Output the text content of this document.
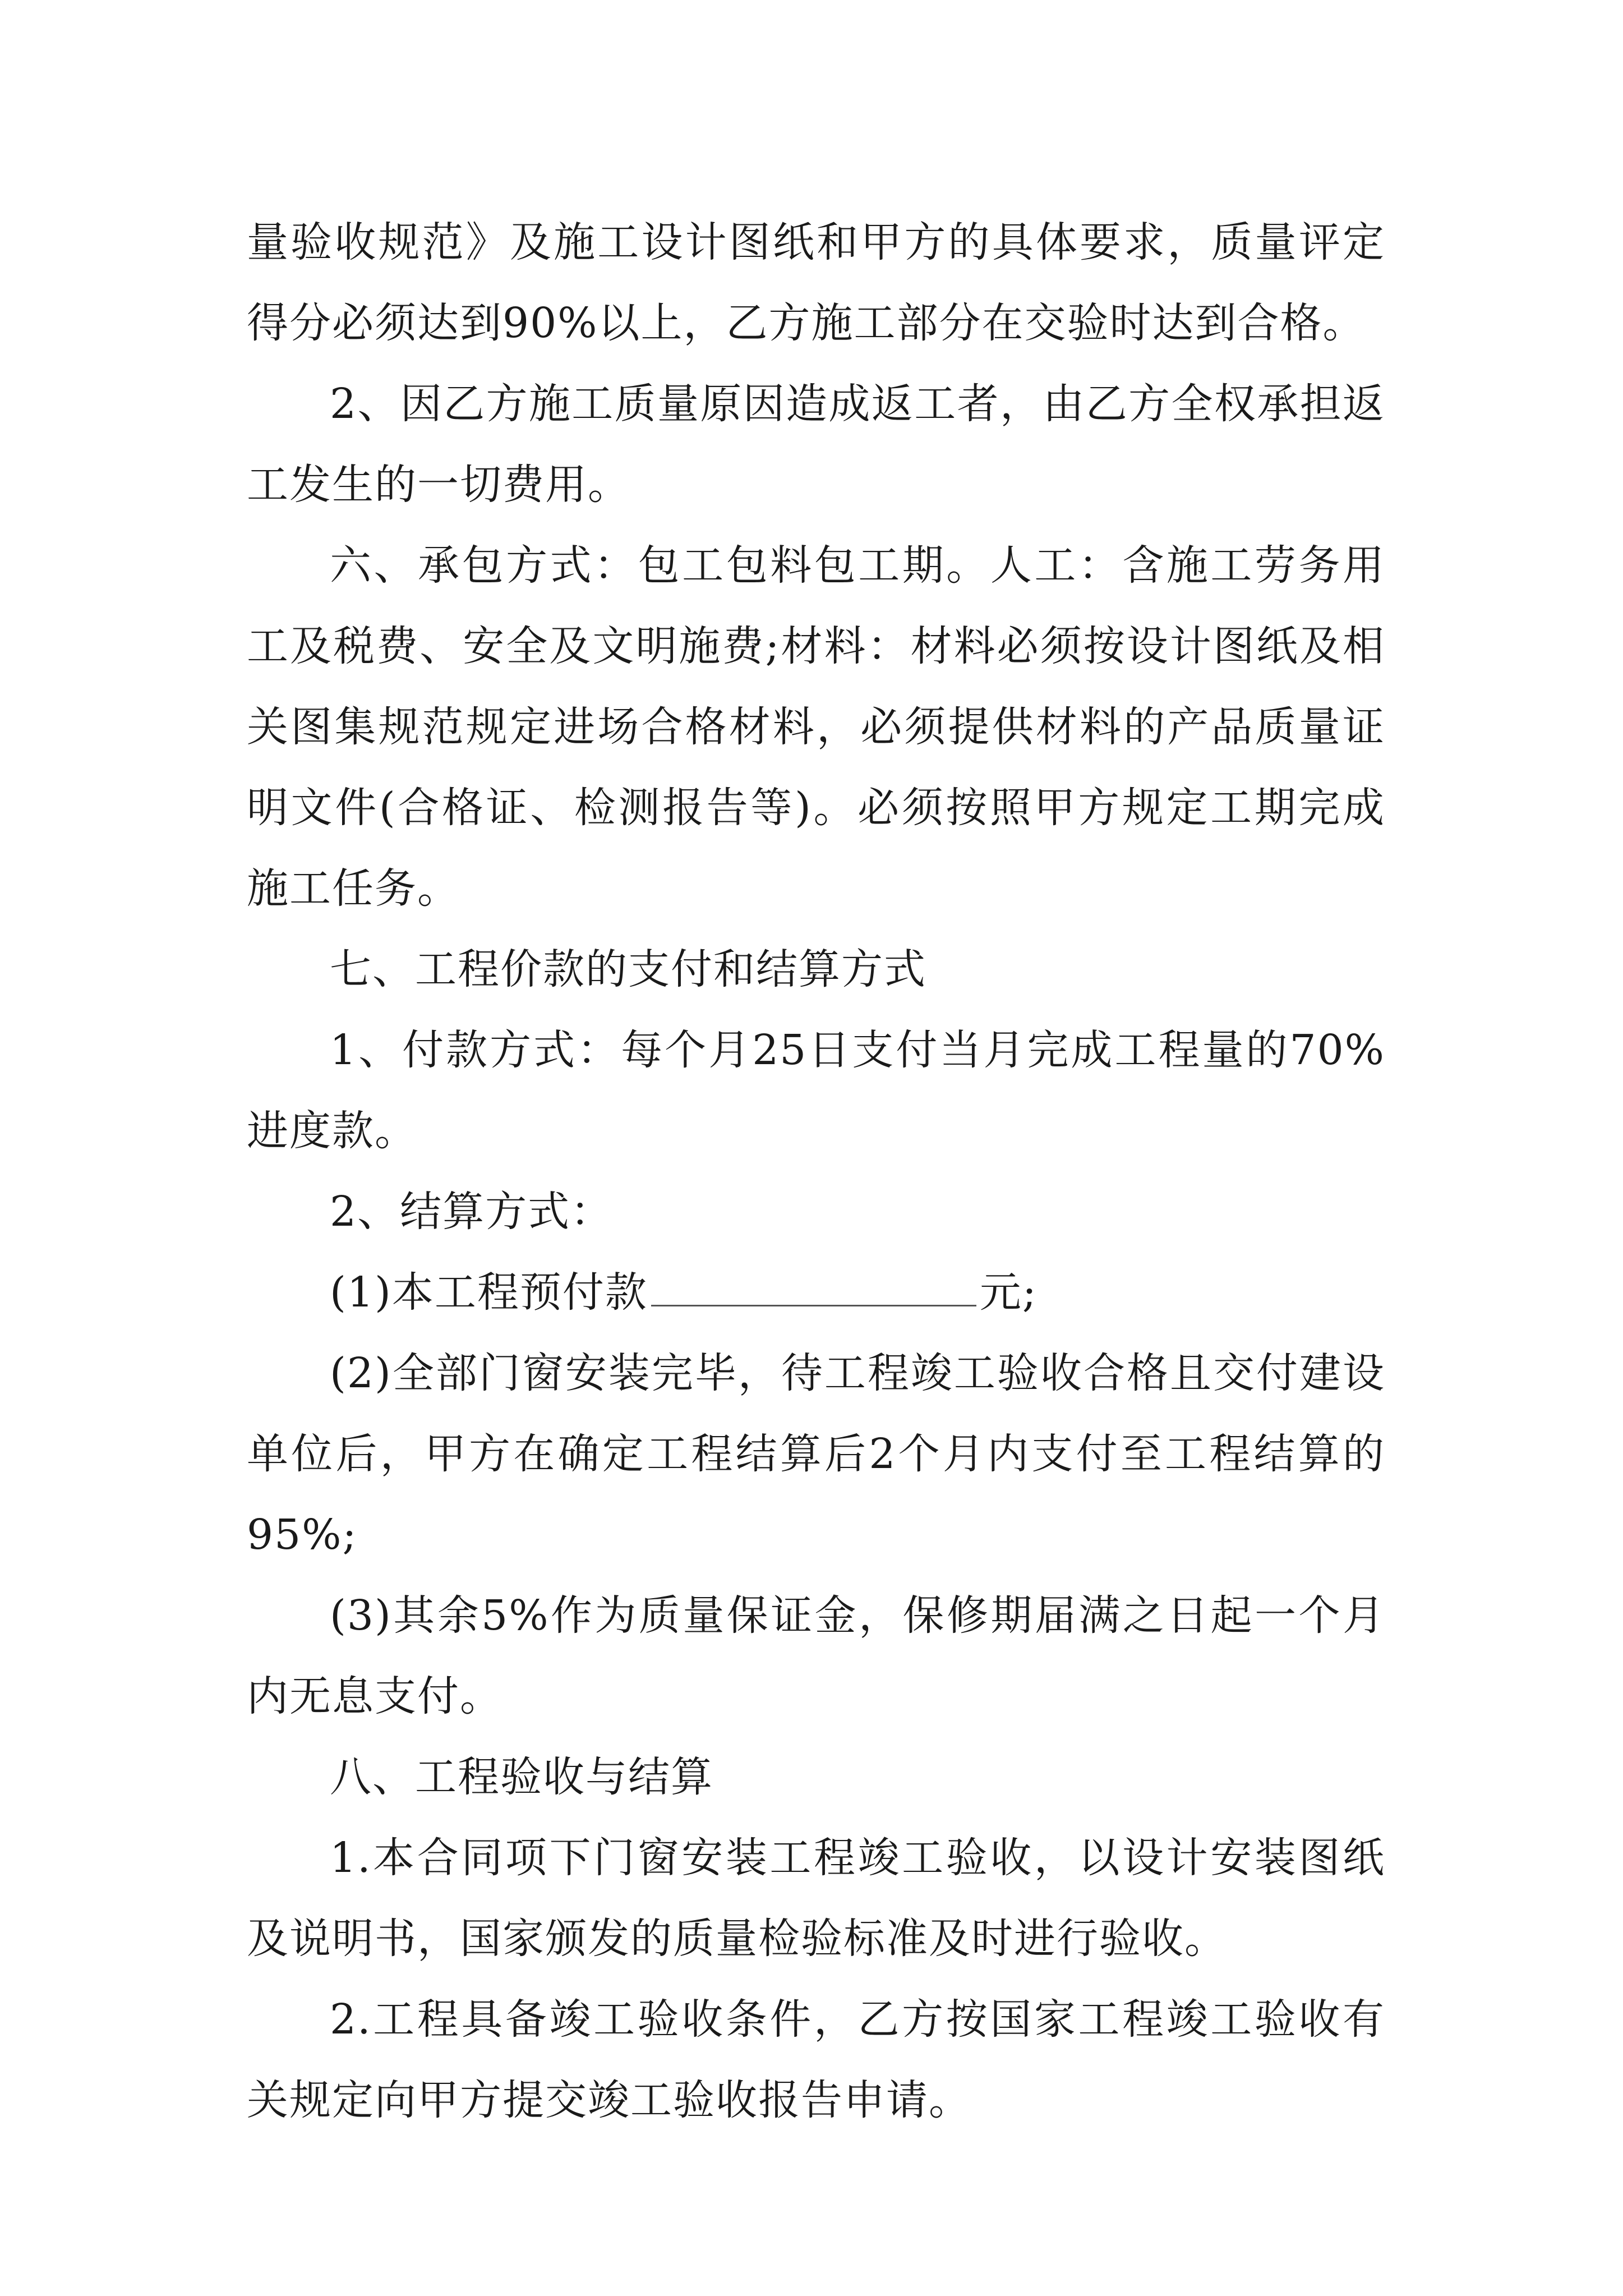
量验收规范》及施工设计图纸和甲方的具体要求，质量评定得分必须达到90%以上，乙方施工部分在交验时达到合格。

2、因乙方施工质量原因造成返工者，由乙方全权承担返工发生的一切费用。

六、承包方式：包工包料包工期。人工：含施工劳务用工及税费、安全及文明施费;材料：材料必须按设计图纸及相关图集规范规定进场合格材料，必须提供材料的产品质量证明文件(合格证、检测报告等)。必须按照甲方规定工期完成施工任务。

七、工程价款的支付和结算方式

1、付款方式：每个月25日支付当月完成工程量的70%进度款。

2、结算方式：

(1)本工程预付款	元;

(2)全部门窗安装完毕，待工程竣工验收合格且交付建设单位后，甲方在确定工程结算后2个月内支付至工程结算的95%;

(3)其余5%作为质量保证金，保修期届满之日起一个月内无息支付。

八、工程验收与结算

1.本合同项下门窗安装工程竣工验收，以设计安装图纸及说明书，国家颁发的质量检验标准及时进行验收。

2.工程具备竣工验收条件，乙方按国家工程竣工验收有关规定向甲方提交竣工验收报告申请。
